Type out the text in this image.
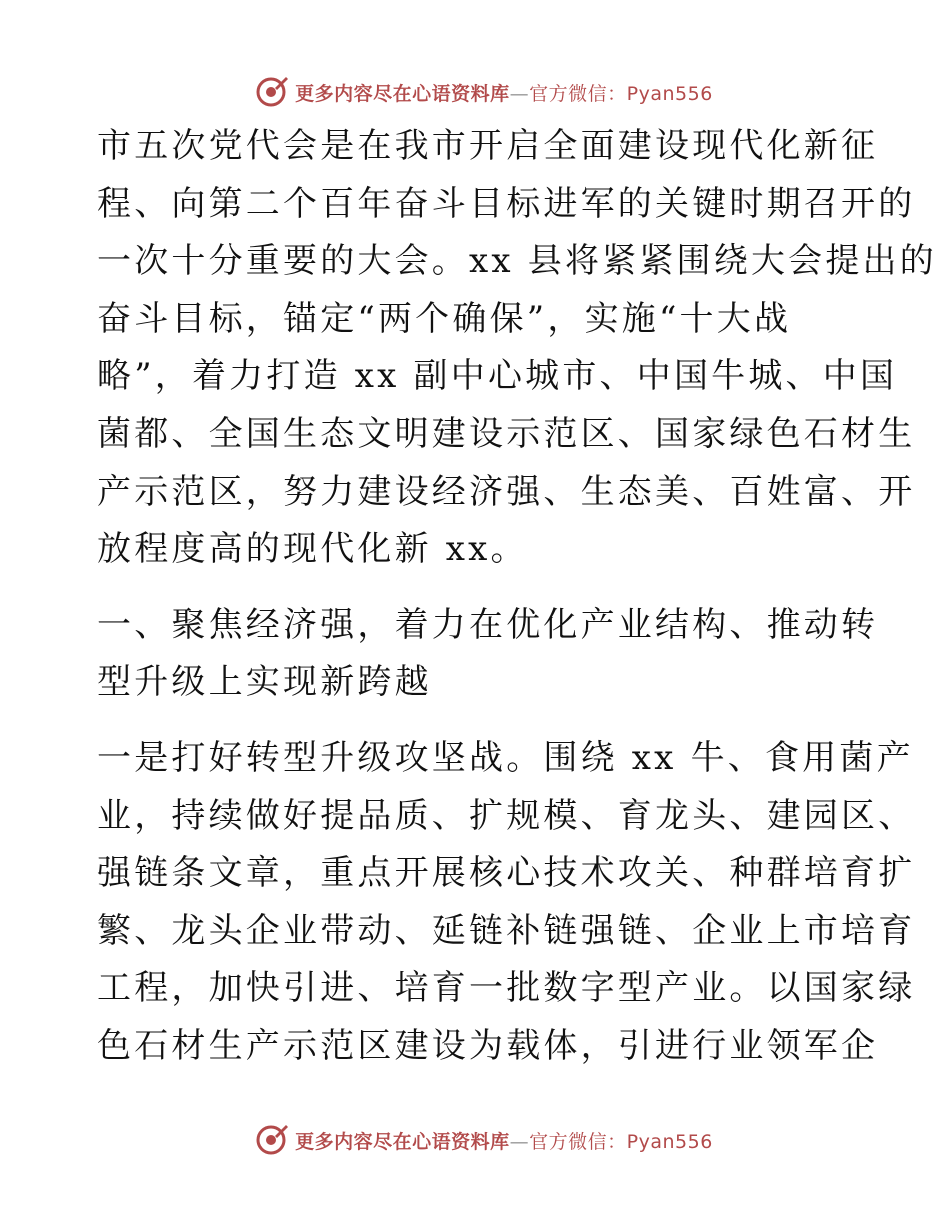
更多内容尽在心语资料库—官方微信：Pyan556

市五次党代会是在我市开启全面建设现代化新征
程、向第二个百年奋斗目标进军的关键时期召开的
一次十分重要的大会。xx 县将紧紧围绕大会提出的
奋斗目标，锚定“两个确保”，实施“十大战
略”，着力打造 xx 副中心城市、中国牛城、中国
菌都、全国生态文明建设示范区、国家绿色石材生
产示范区，努力建设经济强、生态美、百姓富、开
放程度高的现代化新 xx。

一、聚焦经济强，着力在优化产业结构、推动转
型升级上实现新跨越

一是打好转型升级攻坚战。围绕 xx 牛、食用菌产
业，持续做好提品质、扩规模、育龙头、建园区、
强链条文章，重点开展核心技术攻关、种群培育扩
繁、龙头企业带动、延链补链强链、企业上市培育
工程，加快引进、培育一批数字型产业。以国家绿
色石材生产示范区建设为载体，引进行业领军企

更多内容尽在心语资料库—官方微信：Pyan556
